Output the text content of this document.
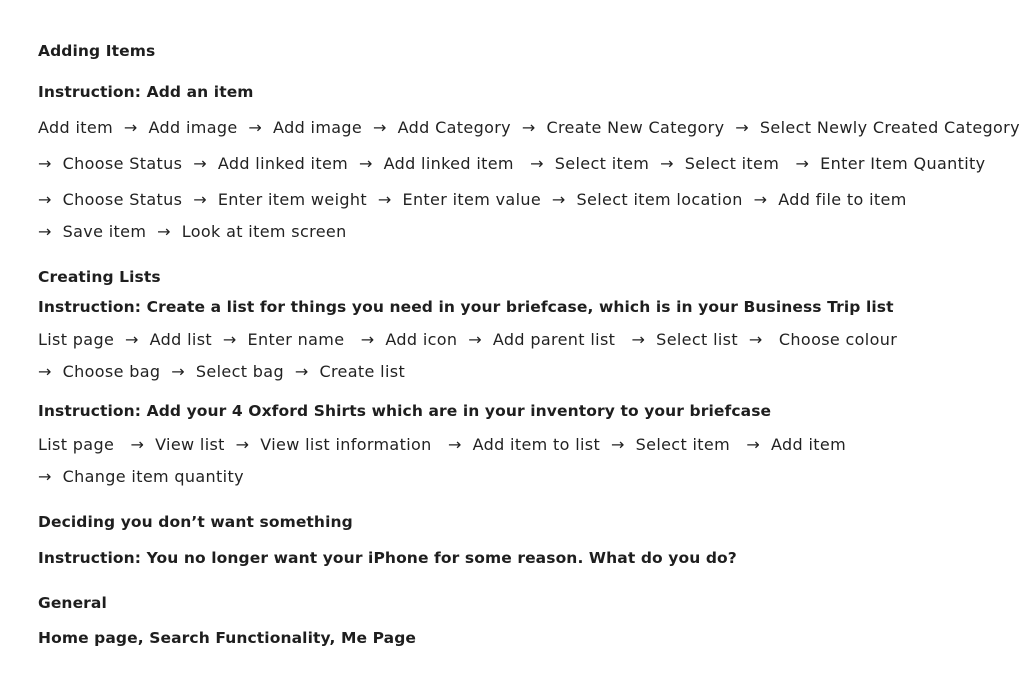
Adding Items

Instruction: Add an item

Add item  →  Add image  →  Add image  →  Add Category  →  Create New Category  →  Select Newly Created Category

→  Choose Status  →  Add linked item  →  Add linked item   →  Select item  →  Select item   →  Enter Item Quantity

→  Choose Status  →  Enter item weight  →  Enter item value  →  Select item location  →  Add file to item

→  Save item  →  Look at item screen

Creating Lists

Instruction: Create a list for things you need in your briefcase, which is in your Business Trip list

List page  →  Add list  →  Enter name   →  Add icon  →  Add parent list   →  Select list  →   Choose colour

→  Choose bag  →  Select bag  →  Create list

Instruction: Add your 4 Oxford Shirts which are in your inventory to your briefcase

List page   →  View list  →  View list information   →  Add item to list  →  Select item   →  Add item

→  Change item quantity

Deciding you don’t want something

Instruction: You no longer want your iPhone for some reason. What do you do?

General

Home page, Search Functionality, Me Page
